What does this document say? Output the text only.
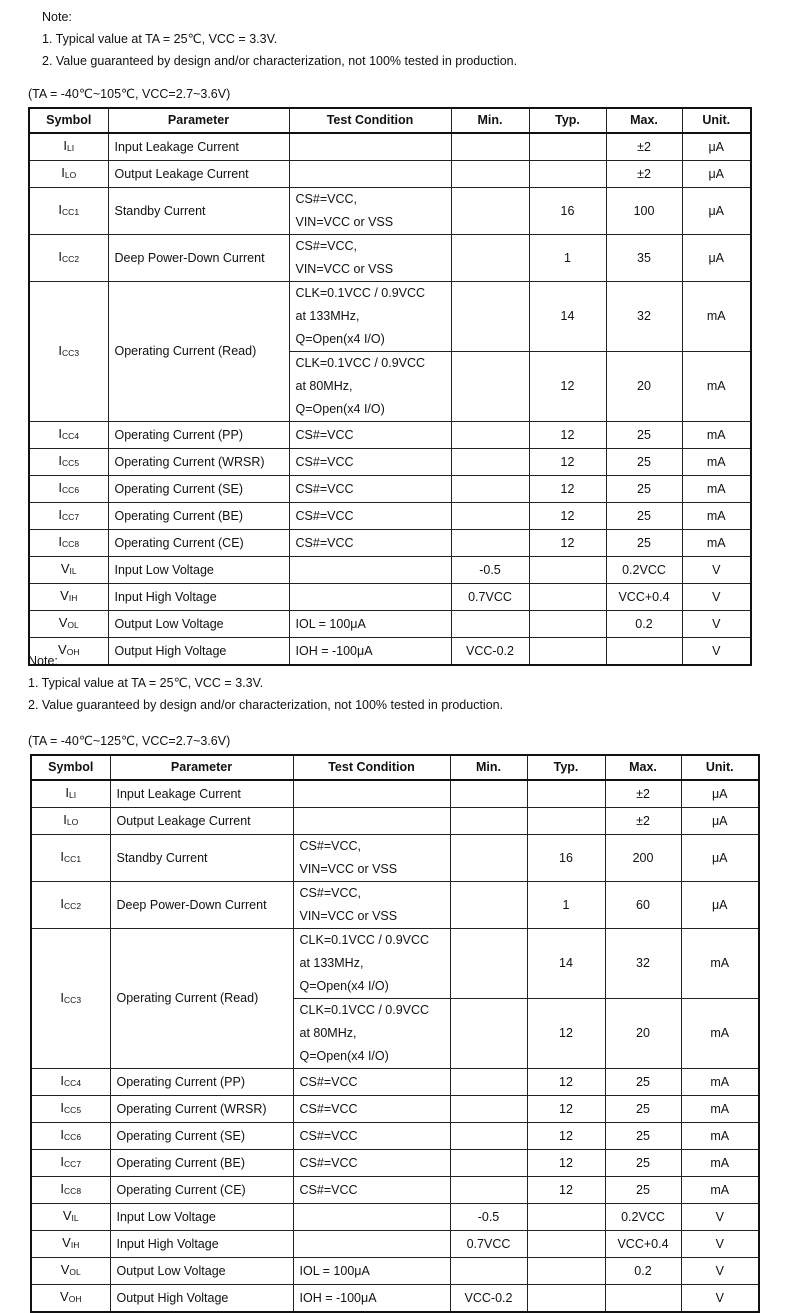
Note:
1. Typical value at TA = 25℃, VCC = 3.3V.
2. Value guaranteed by design and/or characterization, not 100% tested in production.
(TA = -40℃~105℃, VCC=2.7~3.6V)
Symbol	Parameter	Test Condition	Min.	Typ.	Max.	Unit.
ILI	Input Leakage Current				±2	μA
ILO	Output Leakage Current				±2	μA
ICC1	Standby Current	CS#=VCC,
VIN=VCC or VSS		16	100	μA
ICC2	Deep Power-Down Current	CS#=VCC,
VIN=VCC or VSS		1	35	μA
ICC3	Operating Current (Read)	CLK=0.1VCC / 0.9VCC
at 133MHz,
Q=Open(x4 I/O)		14	32	mA

		CLK=0.1VCC / 0.9VCC
at 80MHz,
Q=Open(x4 I/O)		12	20	mA
ICC4	Operating Current (PP)	CS#=VCC		12	25	mA
ICC5	Operating Current (WRSR)	CS#=VCC		12	25	mA
ICC6	Operating Current (SE)	CS#=VCC		12	25	mA
ICC7	Operating Current (BE)	CS#=VCC		12	25	mA
ICC8	Operating Current (CE)	CS#=VCC		12	25	mA
VIL	Input Low Voltage		-0.5		0.2VCC	V
VIH	Input High Voltage		0.7VCC		VCC+0.4	V
VOL	Output Low Voltage	IOL = 100μA			0.2	V
VOH	Output High Voltage	IOH = -100μA	VCC-0.2			V
Note:
1. Typical value at TA = 25℃, VCC = 3.3V.
2. Value guaranteed by design and/or characterization, not 100% tested in production.
(TA = -40℃~125℃, VCC=2.7~3.6V)
Symbol	Parameter	Test Condition	Min.	Typ.	Max.	Unit.
ILI	Input Leakage Current				±2	μA
ILO	Output Leakage Current				±2	μA
ICC1	Standby Current	CS#=VCC,
VIN=VCC or VSS		16	200	μA
ICC2	Deep Power-Down Current	CS#=VCC,
VIN=VCC or VSS		1	60	μA
ICC3	Operating Current (Read)	CLK=0.1VCC / 0.9VCC
at 133MHz,
Q=Open(x4 I/O)		14	32	mA

		CLK=0.1VCC / 0.9VCC
at 80MHz,
Q=Open(x4 I/O)		12	20	mA
ICC4	Operating Current (PP)	CS#=VCC		12	25	mA
ICC5	Operating Current (WRSR)	CS#=VCC		12	25	mA
ICC6	Operating Current (SE)	CS#=VCC		12	25	mA
ICC7	Operating Current (BE)	CS#=VCC		12	25	mA
ICC8	Operating Current (CE)	CS#=VCC		12	25	mA
VIL	Input Low Voltage		-0.5		0.2VCC	V
VIH	Input High Voltage		0.7VCC		VCC+0.4	V
VOL	Output Low Voltage	IOL = 100μA			0.2	V
VOH	Output High Voltage	IOH = -100μA	VCC-0.2			V
